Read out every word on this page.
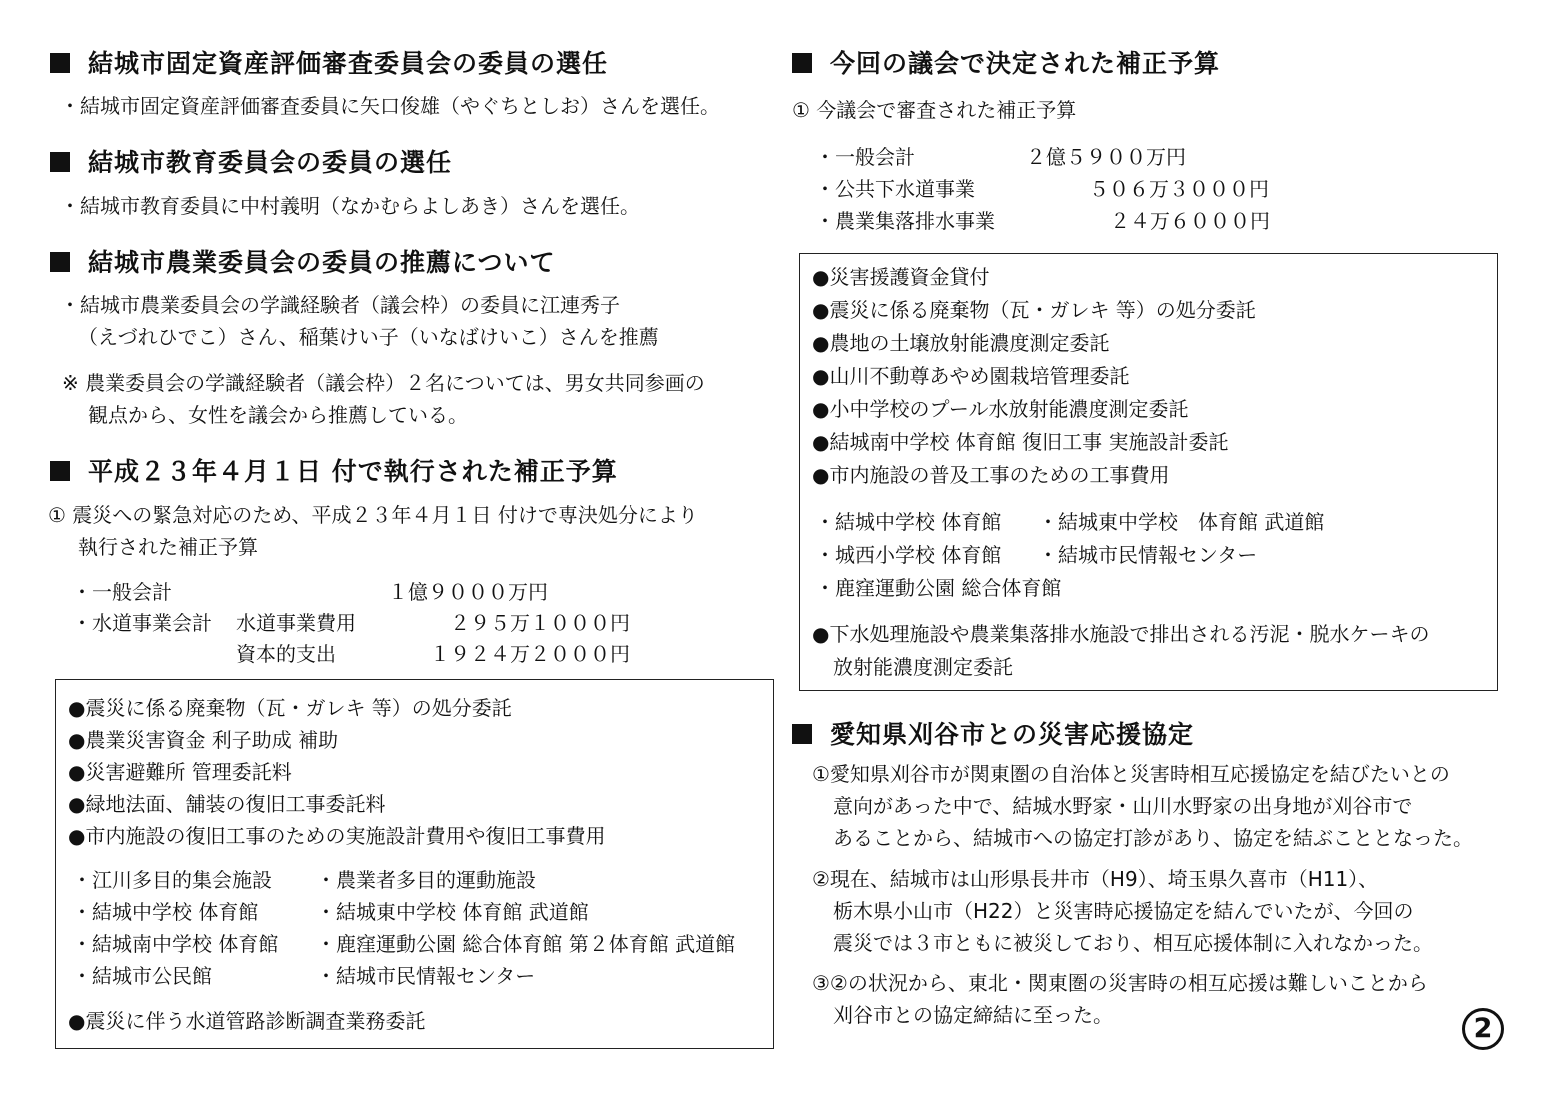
結城市固定資産評価審査委員会の委員の選任
・結城市固定資産評価審査委員に矢口俊雄（やぐちとしお）さんを選任。
結城市教育委員会の委員の選任
・結城市教育委員に中村義明（なかむらよしあき）さんを選任。
結城市農業委員会の委員の推薦について
・結城市農業委員会の学識経験者（議会枠）の委員に江連秀子
（えづれひでこ）さん、稲葉けい子（いなばけいこ）さんを推薦
※ 農業委員会の学識経験者（議会枠）２名については、男女共同参画の
観点から、女性を議会から推薦している。
平成２３年４月１日 付で執行された補正予算
① 震災への緊急対応のため、平成２３年４月１日 付けで専決処分により
執行された補正予算
・一般会計	１億９０００万円
・水道事業会計 水道事業費用	２９５万１０００円
資本的支出	１９２４万２０００円
●震災に係る廃棄物（瓦・ガレキ 等）の処分委託
●農業災害資金 利子助成 補助
●災害避難所 管理委託料
●緑地法面、舗装の復旧工事委託料
●市内施設の復旧工事のための実施設計費用や復旧工事費用
・江川多目的集会施設 ・農業者多目的運動施設
・結城中学校 体育館	・結城東中学校 体育館 武道館
・結城南中学校 体育館 ・鹿窪運動公園 総合体育館 第２体育館 武道館
・結城市公民館	・結城市民情報センター
●震災に伴う水道管路診断調査業務委託
今回の議会で決定された補正予算
① 今議会で審査された補正予算
・一般会計	２億５９００万円
・公共下水道事業	５０６万３０００円
・農業集落排水事業	２４万６０００円
●災害援護資金貸付
●震災に係る廃棄物（瓦・ガレキ 等）の処分委託
●農地の土壌放射能濃度測定委託
●山川不動尊あやめ園栽培管理委託
●小中学校のプール水放射能濃度測定委託
●結城南中学校 体育館 復旧工事 実施設計委託
●市内施設の普及工事のための工事費用
・結城中学校 体育館 ・結城東中学校　体育館 武道館
・城西小学校 体育館 ・結城市民情報センター
・鹿窪運動公園 総合体育館
●下水処理施設や農業集落排水施設で排出される汚泥・脱水ケーキの
放射能濃度測定委託
愛知県刈谷市との災害応援協定
①愛知県刈谷市が関東圏の自治体と災害時相互応援協定を結びたいとの
意向があった中で、結城水野家・山川水野家の出身地が刈谷市で
あることから、結城市への協定打診があり、協定を結ぶこととなった。
②現在、結城市は山形県長井市（H9）、埼玉県久喜市（H11）、
栃木県小山市（H22）と災害時応援協定を結んでいたが、今回の
震災では３市ともに被災しており、相互応援体制に入れなかった。
③②の状況から、東北・関東圏の災害時の相互応援は難しいことから
刈谷市との協定締結に至った。	2
